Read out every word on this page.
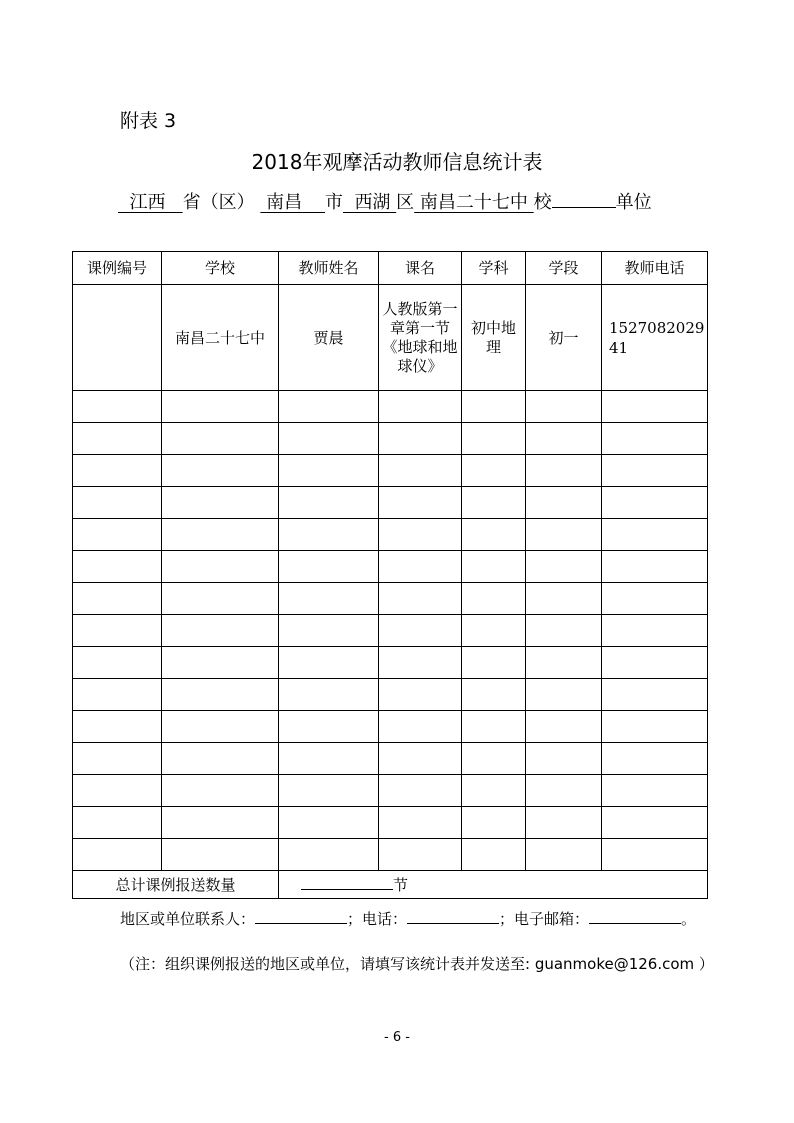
附表 3
2018年观摩活动教师信息统计表
江西 省（区） 南昌 市 西湖 区 南昌二十七中 校	单位
课例编号	学校	教师姓名	课名	学科	学段	教师电话
	南昌二十七中	贾晨	人教版第一章第一节《地球和地球仪》	初中地理	初一	152708202941

总计课例报送数量		节				
地区或单位联系人：	；电话：	；电子邮箱：	。
（注：组织课例报送的地区或单位，请填写该统计表并发送至: guanmoke@126.com ）
- 6 -
